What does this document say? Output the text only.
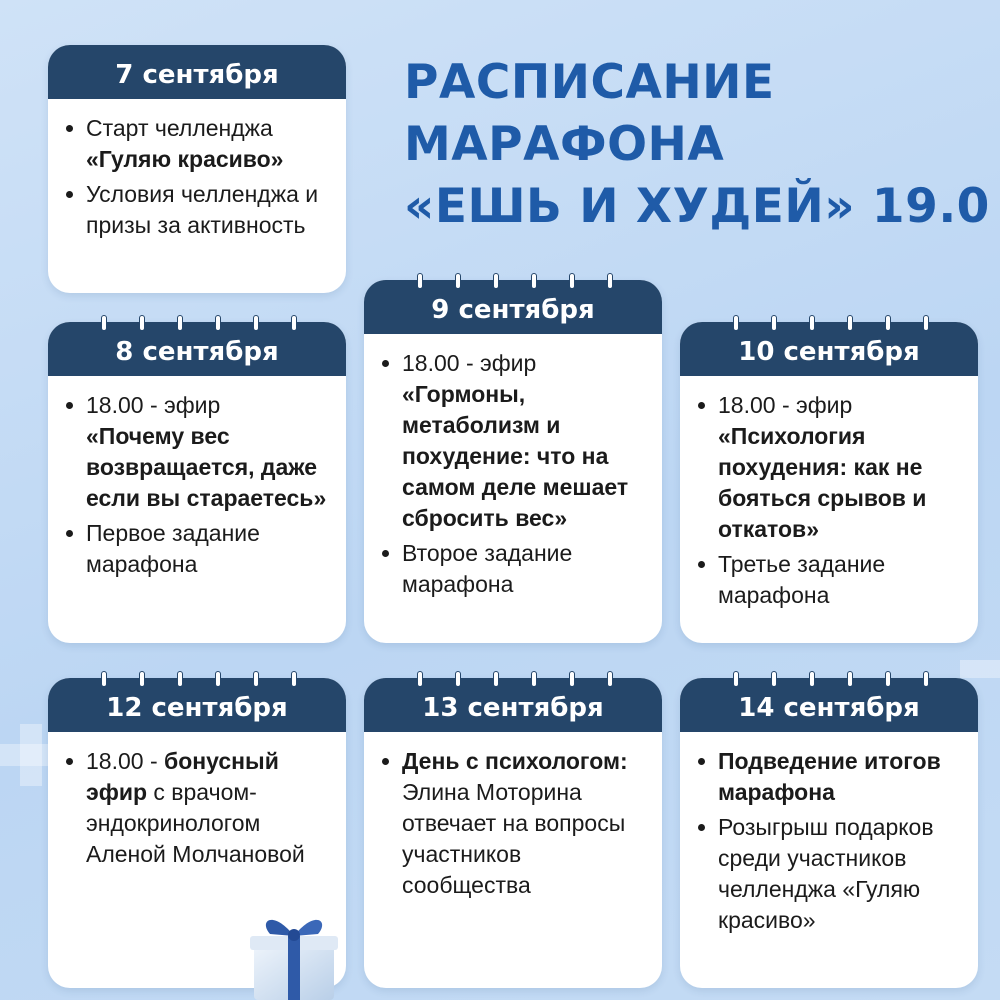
РАСПИСАНИЕ
МАРАФОНА
«ЕШЬ И ХУДЕЙ» 19.0
7 сентября
Старт челленджа
«Гуляю красиво»
Условия челленджа и призы за активность
8 сентября
18.00 - эфир
«Почему вес возвращается, даже если вы стараетесь»
Первое задание марафона
9 сентября
18.00 - эфир
«Гормоны, метаболизм и похудение: что на самом деле мешает сбросить вес»
Второе задание марафона
10 сентября
18.00 - эфир
«Психология похудения: как не бояться срывов и откатов»
Третье задание марафона
12 сентября
18.00 - бонусный эфир с врачом-эндокринологом Аленой Молчановой
13 сентября
День с психологом: Элина Моторина отвечает на вопросы участников сообщества
14 сентября
Подведение итогов марафона
Розыгрыш подарков среди участников челленджа «Гуляю красиво»
